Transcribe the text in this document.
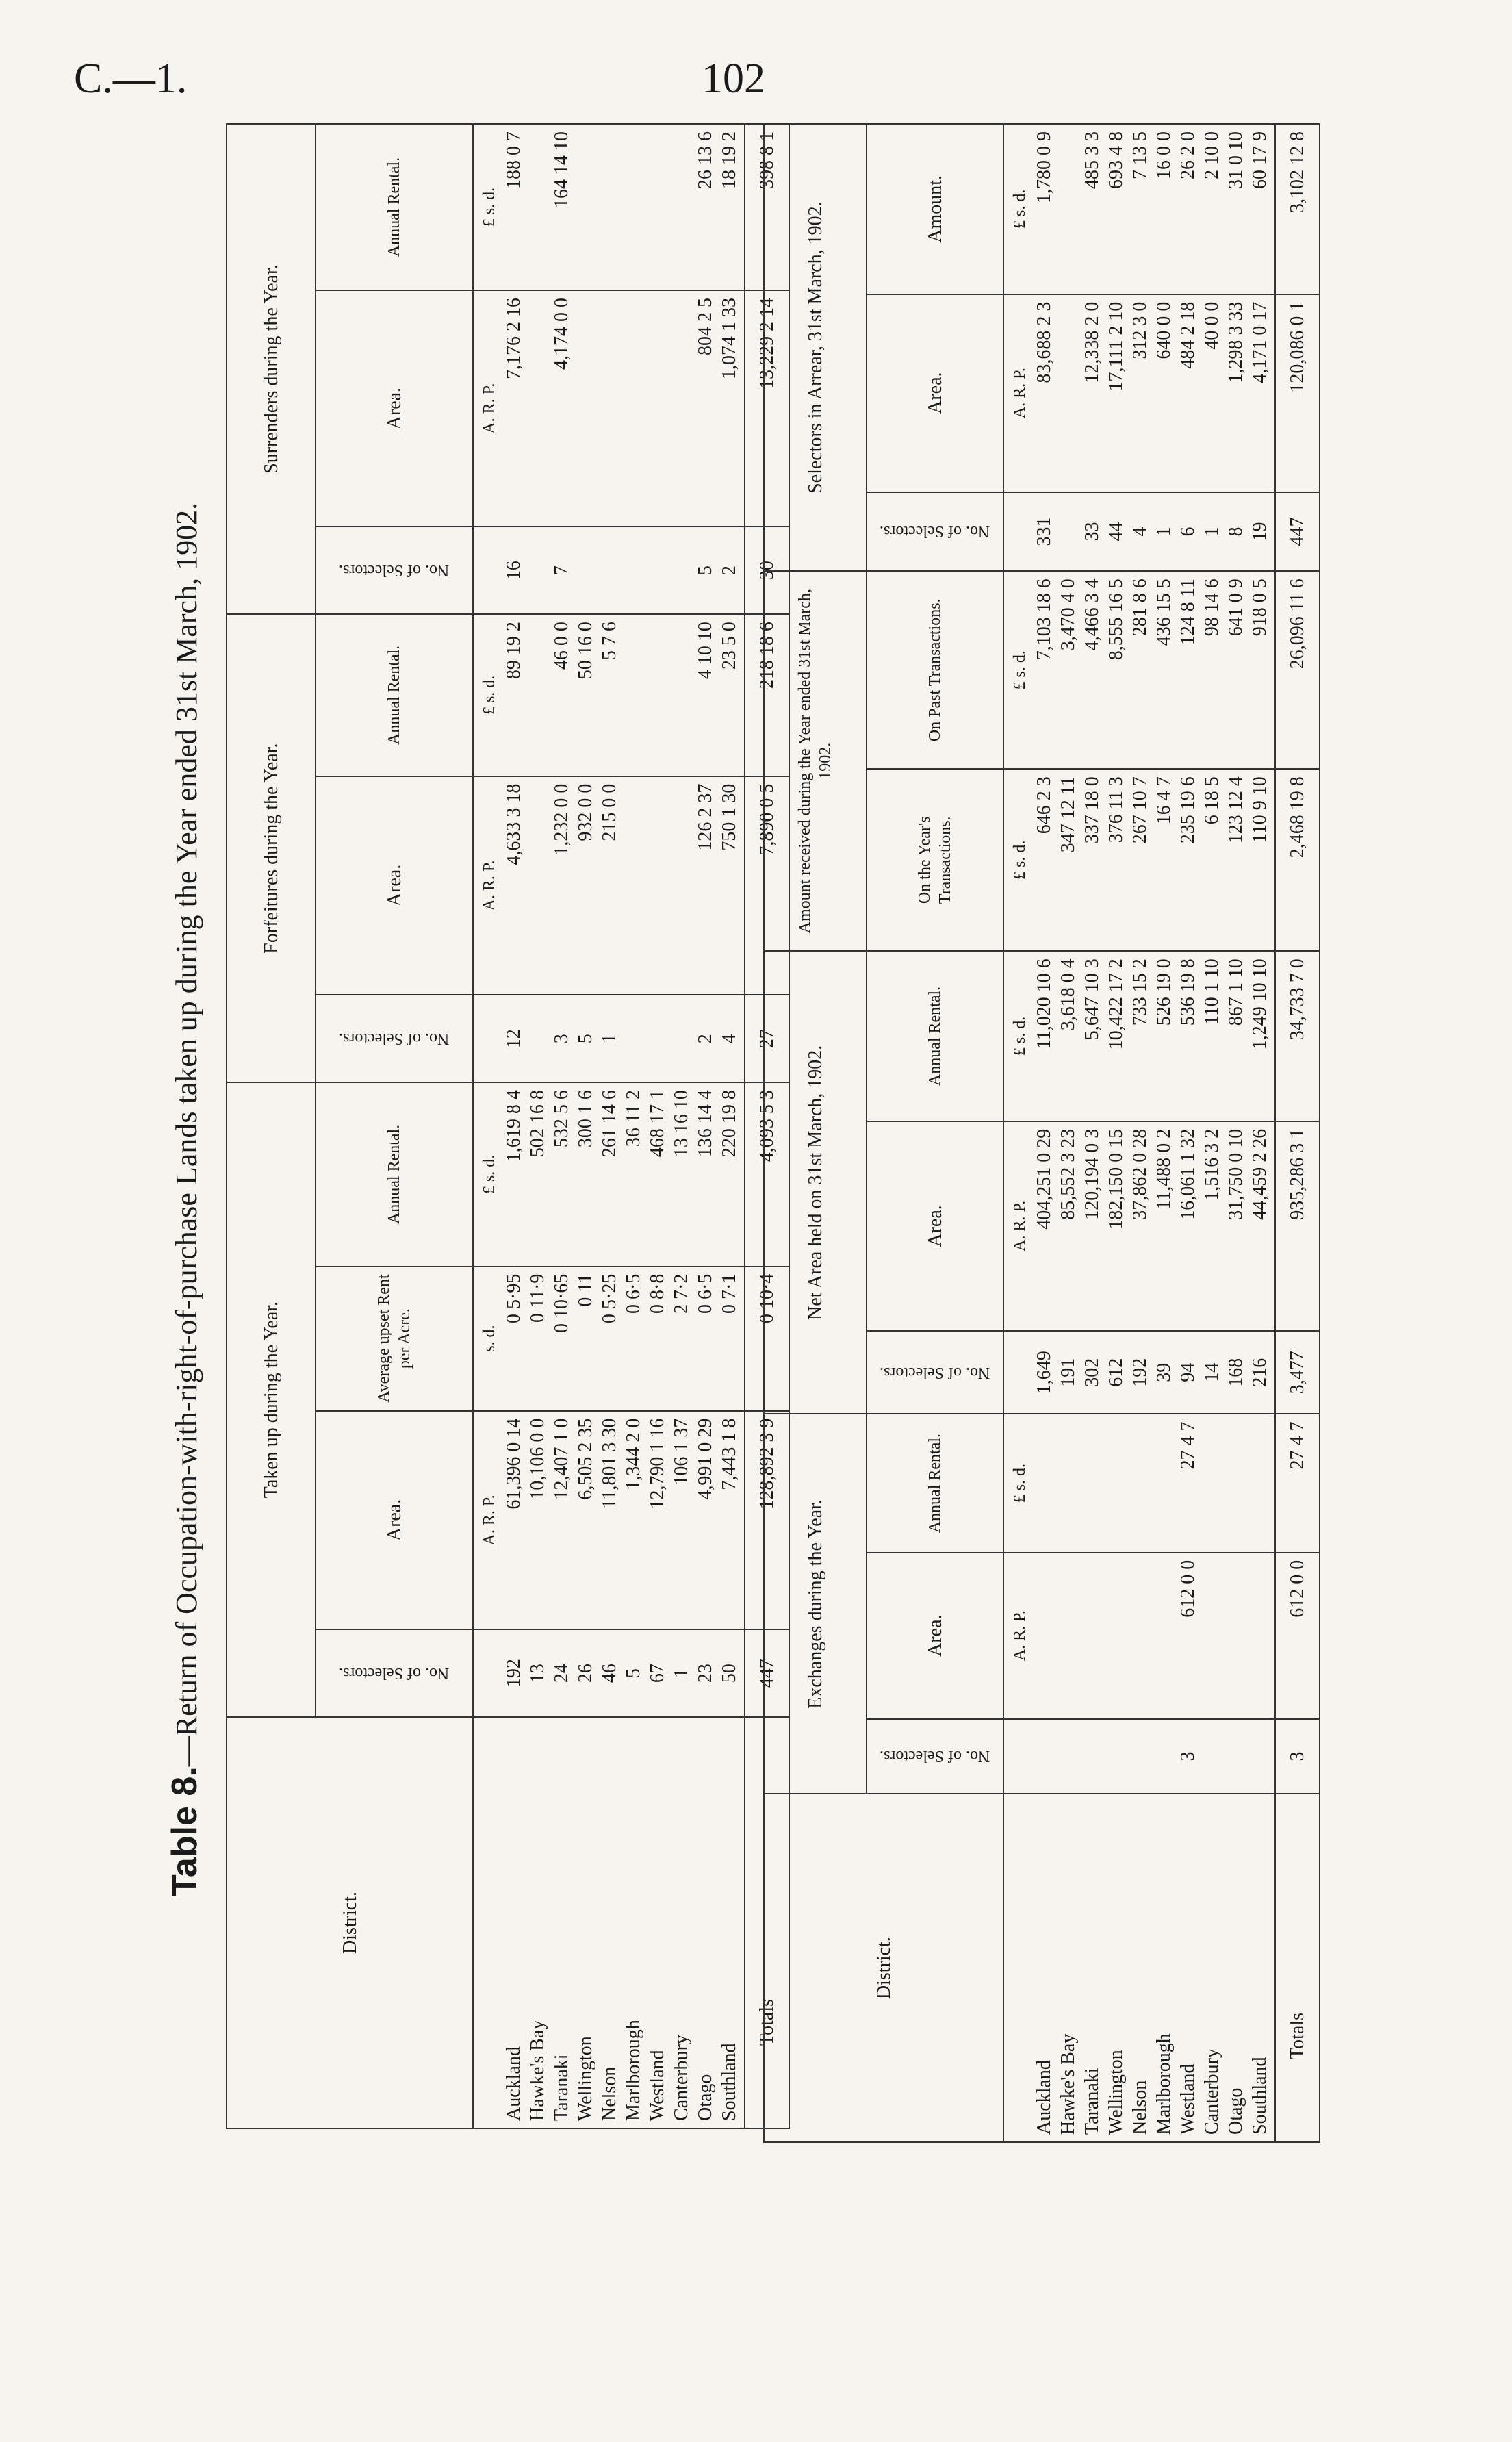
C.—1.	102
Table 8.—Return of Occupation-with-right-of-purchase Lands taken up during the Year ended 31st March, 1902.
District.	Taken up during the Year.				Forfeitures during the Year.			Surrenders during the Year.		

	No. of Selectors.	Area.	Average upset Rent per Acre.	Annual Rental.	No. of Selectors.	Area.	Annual Rental.	No. of Selectors.	Area.	Annual Rental.
		A. R. P.	s. d.	£ s. d.		A. R. P.	£ s. d.		A. R. P.	£ s. d.
Auckland	192	61,396 0 14	0 5·95	1,619 8 4	12	4,633 3 18	89 19 2	16	7,176 2 16	188 0 7
Hawke's Bay	13	10,106 0 0	0 11·9	502 16 8						
Taranaki	24	12,407 1 0	0 10·65	532 5 6	3	1,232 0 0	46 0 0	7	4,174 0 0	164 14 10
Wellington	26	6,505 2 35	0 11	300 1 6	5	932 0 0	50 16 0			
Nelson	46	11,801 3 30	0 5·25	261 14 6	1	215 0 0	5 7 6			
Marlborough	5	1,344 2 0	0 6·5	36 11 2						
Westland	67	12,790 1 16	0 8·8	468 17 1						
Canterbury	1	106 1 37	2 7·2	13 16 10						
Otago	23	4,991 0 29	0 6·5	136 14 4	2	126 2 37	4 10 10	5	804 2 5	26 13 6
Southland	50	7,443 1 8	0 7·1	220 19 8	4	750 1 30	23 5 0	2	1,074 1 33	18 19 2

Totals	447	128,892 3 9	0 10·4	4,093 5 3	27	7,890 0 5	218 18 6	30	13,229 2 14	398 8 1
District.	Exchanges during the Year.			Net Area held on 31st March, 1902.			Amount received during the Year ended 31st March, 1902.		Selectors in Arrear, 31st March, 1902.		

	No. of Selectors.	Area.	Annual Rental.	No. of Selectors.	Area.	Annual Rental.	On the Year's Transactions.	On Past Transactions.	No. of Selectors.	Area.	Amount.
		A. R. P.	£ s. d.		A. R. P.	£ s. d.	£ s. d.	£ s. d.		A. R. P.	£ s. d.
Auckland				1,649	404,251 0 29	11,020 10 6	646 2 3	7,103 18 6	331	83,688 2 3	1,780 0 9
Hawke's Bay				191	85,552 3 23	3,618 0 4	347 12 11	3,470 4 0			
Taranaki				302	120,194 0 3	5,647 10 3	337 18 0	4,466 3 4	33	12,338 2 0	485 3 3
Wellington				612	182,150 0 15	10,422 17 2	376 11 3	8,555 16 5	44	17,111 2 10	693 4 8
Nelson				192	37,862 0 28	733 15 2	267 10 7	281 8 6	4	312 3 0	7 13 5
Marlborough				39	11,488 0 2	526 19 0	16 4 7	436 15 5	1	640 0 0	16 0 0
Westland	3	612 0 0	27 4 7	94	16,061 1 32	536 19 8	235 19 6	124 8 11	6	484 2 18	26 2 0
Canterbury				14	1,516 3 2	110 1 10	6 18 5	98 14 6	1	40 0 0	2 10 0
Otago				168	31,750 0 10	867 1 10	123 12 4	641 0 9	8	1,298 3 33	31 0 10
Southland				216	44,459 2 26	1,249 10 10	110 9 10	918 0 5	19	4,171 0 17	60 17 9

Totals	3	612 0 0	27 4 7	3,477	935,286 3 1	34,733 7 0	2,468 19 8	26,096 11 6	447	120,086 0 1	3,102 12 8
